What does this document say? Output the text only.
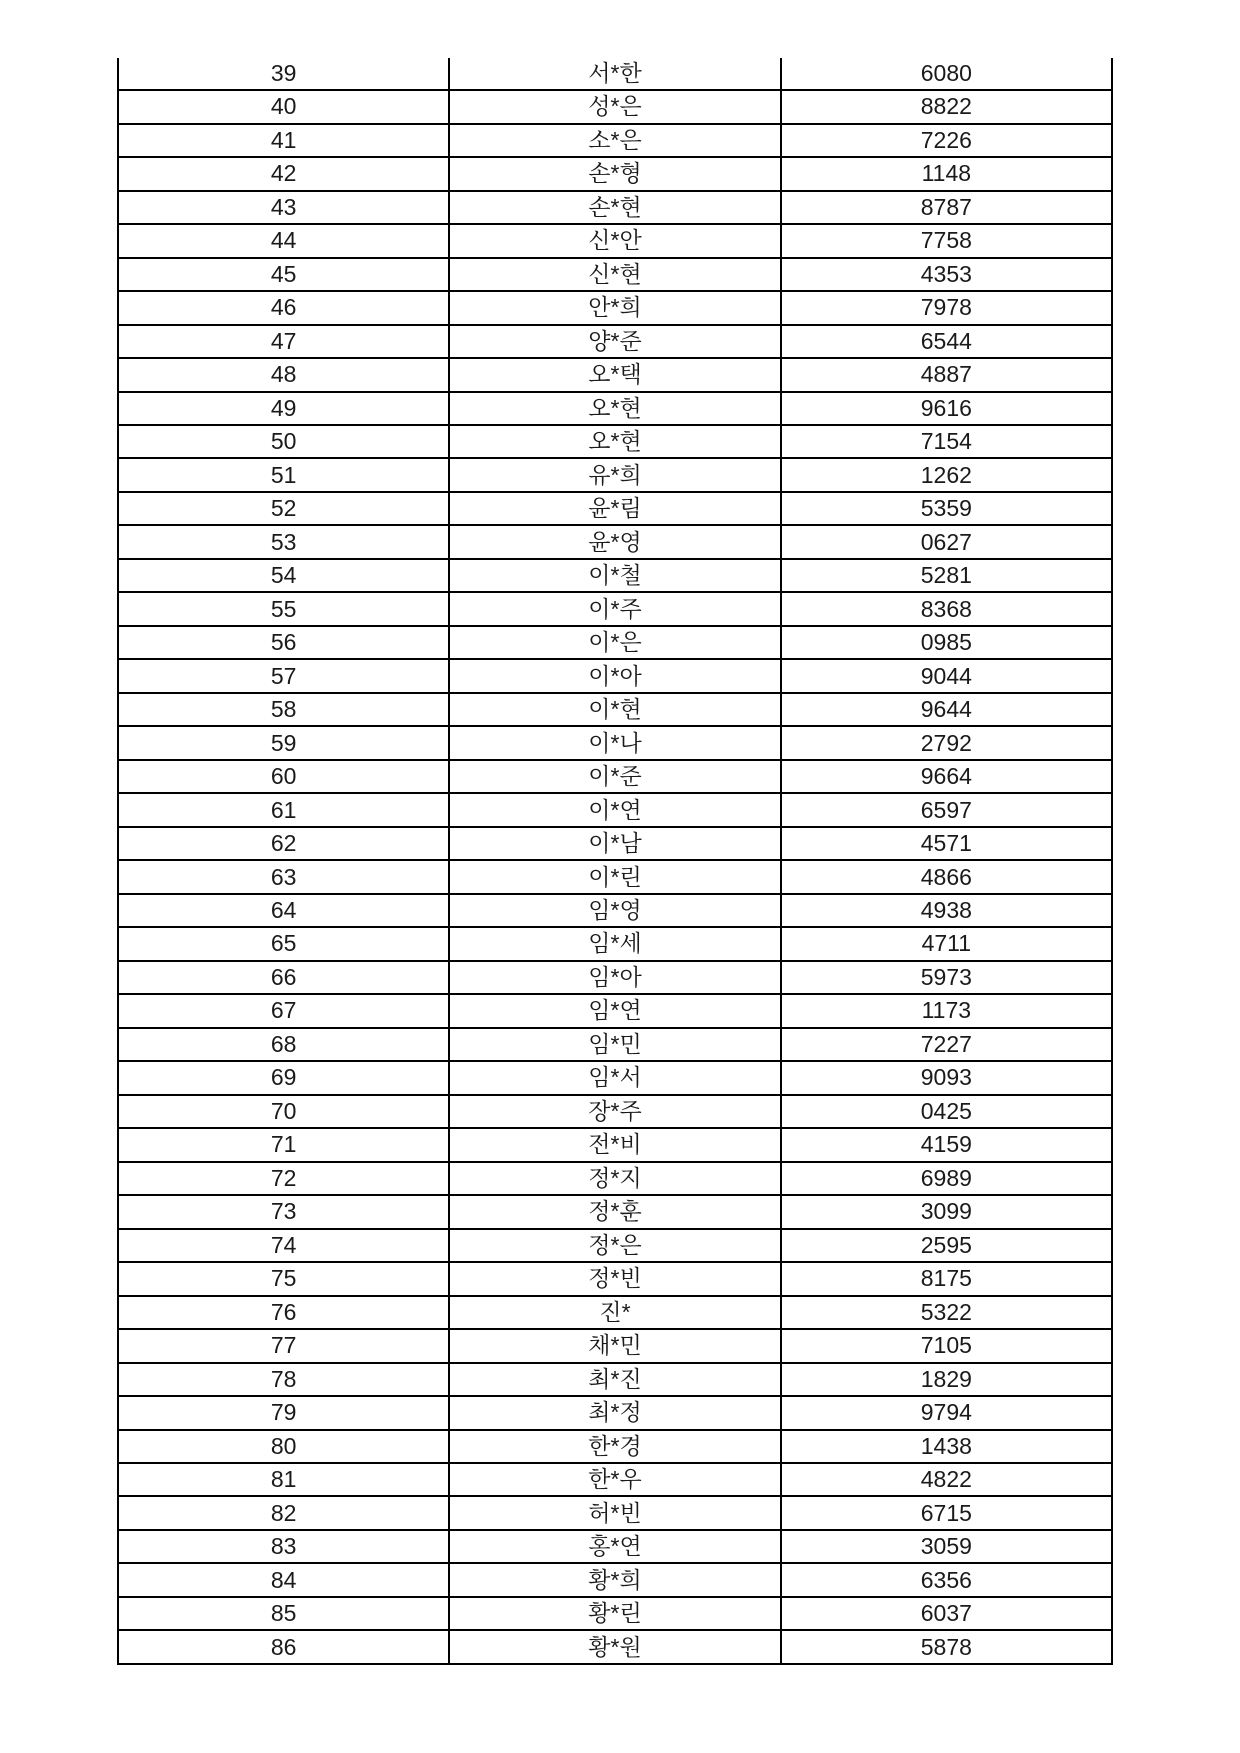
39	서*한	6080
40	성*은	8822
41	소*은	7226
42	손*형	1148
43	손*현	8787
44	신*안	7758
45	신*현	4353
46	안*희	7978
47	양*준	6544
48	오*택	4887
49	오*현	9616
50	오*현	7154
51	유*희	1262
52	윤*림	5359
53	윤*영	0627
54	이*철	5281
55	이*주	8368
56	이*은	0985
57	이*아	9044
58	이*현	9644
59	이*나	2792
60	이*준	9664
61	이*연	6597
62	이*남	4571
63	이*린	4866
64	임*영	4938
65	임*세	4711
66	임*아	5973
67	임*연	1173
68	임*민	7227
69	임*서	9093
70	장*주	0425
71	전*비	4159
72	정*지	6989
73	정*훈	3099
74	정*은	2595
75	정*빈	8175
76	진*	5322
77	채*민	7105
78	최*진	1829
79	최*정	9794
80	한*경	1438
81	한*우	4822
82	허*빈	6715
83	홍*연	3059
84	황*희	6356
85	황*린	6037
86	황*원	5878
